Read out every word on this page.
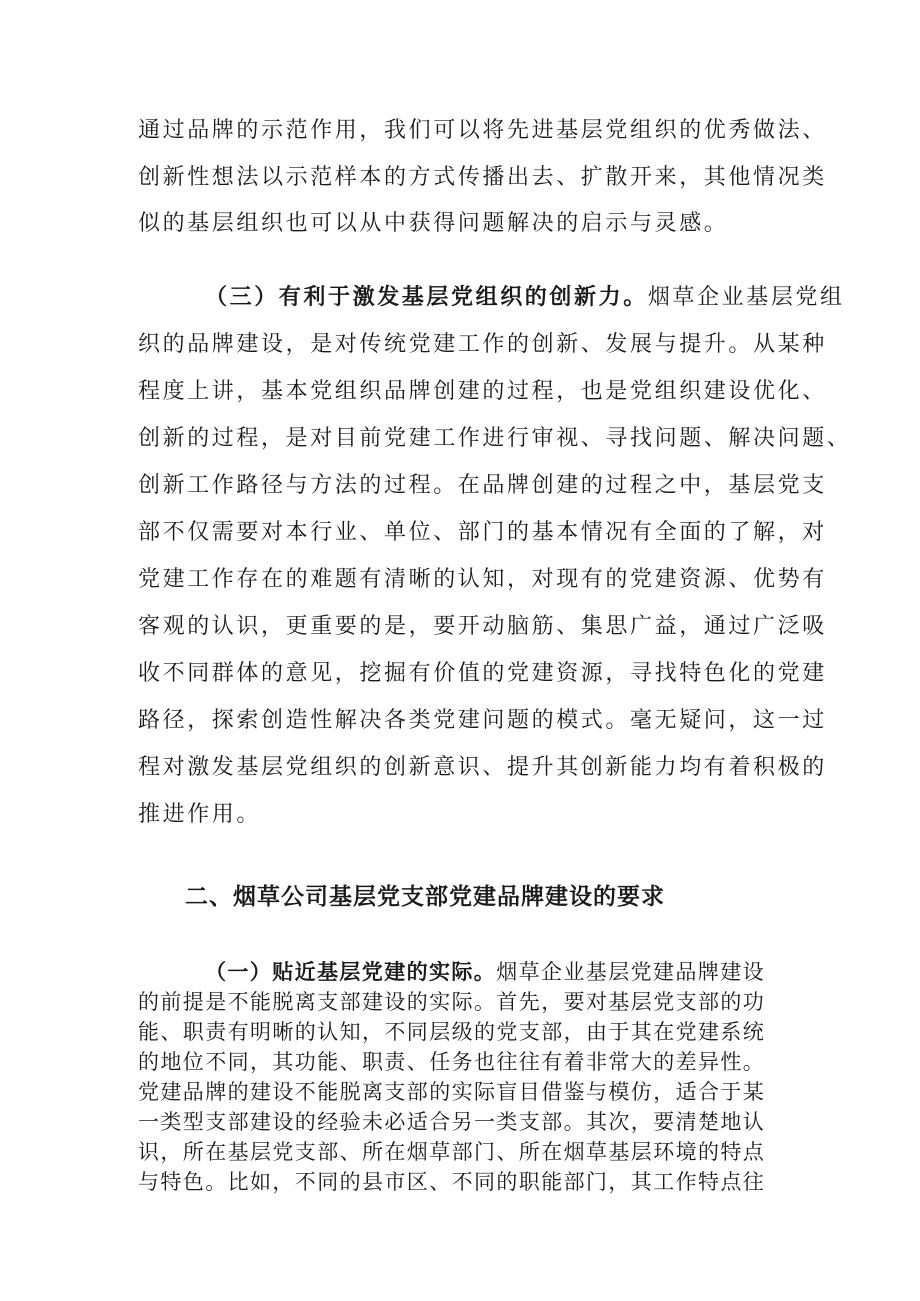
通过品牌的示范作用，我们可以将先进基层党组织的优秀做法、
创新性想法以示范样本的方式传播出去、扩散开来，其他情况类
似的基层组织也可以从中获得问题解决的启示与灵感。
（三）有利于激发基层党组织的创新力。烟草企业基层党组
织的品牌建设，是对传统党建工作的创新、发展与提升。从某种
程度上讲，基本党组织品牌创建的过程，也是党组织建设优化、
创新的过程，是对目前党建工作进行审视、寻找问题、解决问题、
创新工作路径与方法的过程。在品牌创建的过程之中，基层党支
部不仅需要对本行业、单位、部门的基本情况有全面的了解，对
党建工作存在的难题有清晰的认知，对现有的党建资源、优势有
客观的认识，更重要的是，要开动脑筋、集思广益，通过广泛吸
收不同群体的意见，挖掘有价值的党建资源，寻找特色化的党建
路径，探索创造性解决各类党建问题的模式。毫无疑问，这一过
程对激发基层党组织的创新意识、提升其创新能力均有着积极的
推进作用。
二、烟草公司基层党支部党建品牌建设的要求
（一）贴近基层党建的实际。烟草企业基层党建品牌建设
的前提是不能脱离支部建设的实际。首先，要对基层党支部的功
能、职责有明晰的认知，不同层级的党支部，由于其在党建系统
的地位不同，其功能、职责、任务也往往有着非常大的差异性。
党建品牌的建设不能脱离支部的实际盲目借鉴与模仿，适合于某
一类型支部建设的经验未必适合另一类支部。其次，要清楚地认
识，所在基层党支部、所在烟草部门、所在烟草基层环境的特点
与特色。比如，不同的县市区、不同的职能部门，其工作特点往
